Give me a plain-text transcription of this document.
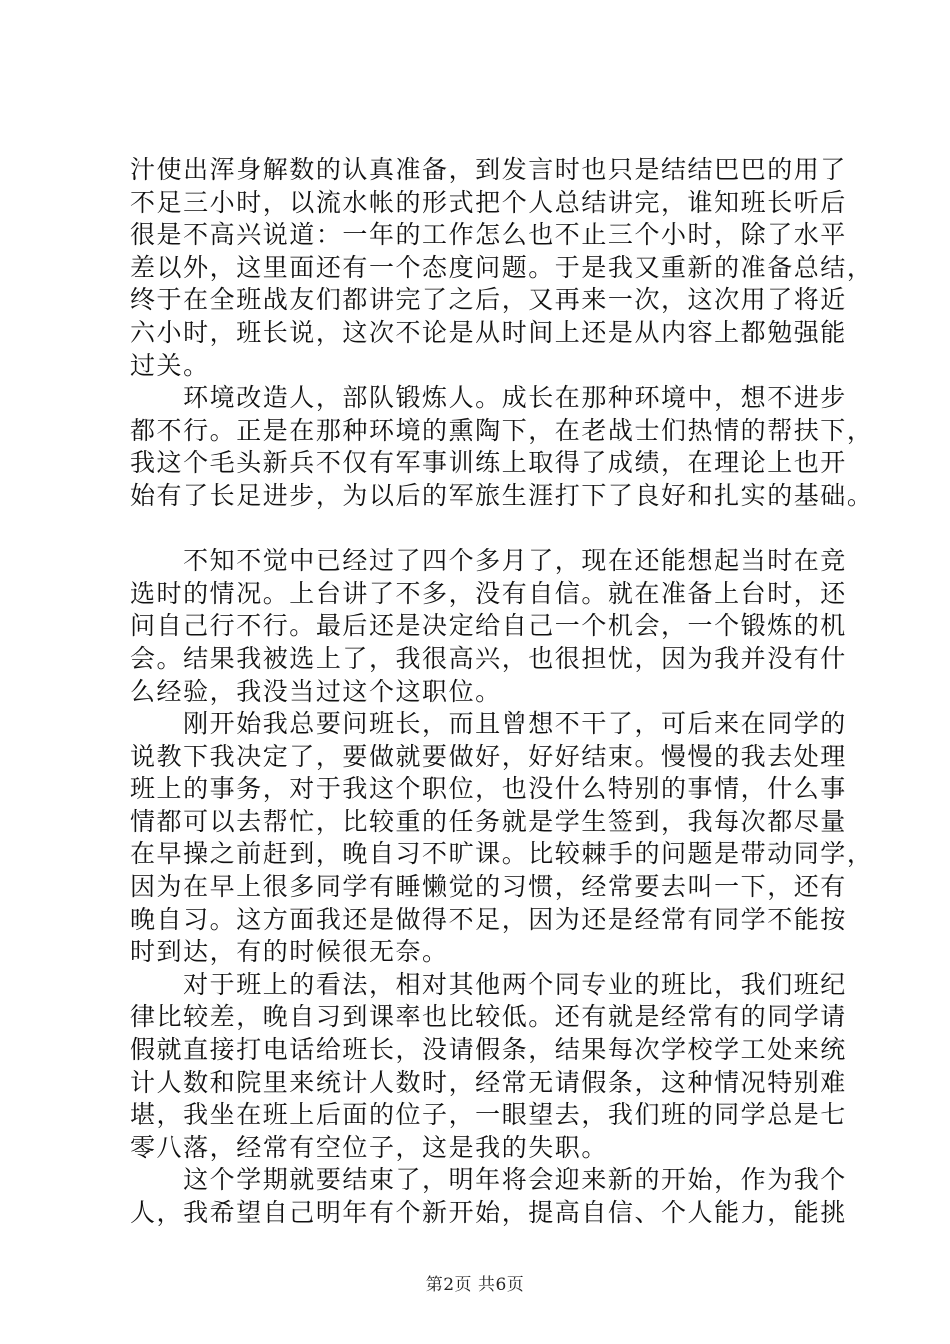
汁使出浑身解数的认真准备，到发言时也只是结结巴巴的用了
不足三小时，以流水帐的形式把个人总结讲完，谁知班长听后
很是不高兴说道：一年的工作怎么也不止三个小时，除了水平
差以外，这里面还有一个态度问题。于是我又重新的准备总结，
终于在全班战友们都讲完了之后，又再来一次，这次用了将近
六小时，班长说，这次不论是从时间上还是从内容上都勉强能
过关。
　　环境改造人，部队锻炼人。成长在那种环境中，想不进步
都不行。正是在那种环境的熏陶下，在老战士们热情的帮扶下，
我这个毛头新兵不仅有军事训练上取得了成绩，在理论上也开
始有了长足进步，为以后的军旅生涯打下了良好和扎实的基础。
　　不知不觉中已经过了四个多月了，现在还能想起当时在竞
选时的情况。上台讲了不多，没有自信。就在准备上台时，还
问自己行不行。最后还是决定给自己一个机会，一个锻炼的机
会。结果我被选上了，我很高兴，也很担忧，因为我并没有什
么经验，我没当过这个这职位。
　　刚开始我总要问班长，而且曾想不干了，可后来在同学的
说教下我决定了，要做就要做好，好好结束。慢慢的我去处理
班上的事务，对于我这个职位，也没什么特别的事情，什么事
情都可以去帮忙，比较重的任务就是学生签到，我每次都尽量
在早操之前赶到，晚自习不旷课。比较棘手的问题是带动同学，
因为在早上很多同学有睡懒觉的习惯，经常要去叫一下，还有
晚自习。这方面我还是做得不足，因为还是经常有同学不能按
时到达，有的时候很无奈。
　　对于班上的看法，相对其他两个同专业的班比，我们班纪
律比较差，晚自习到课率也比较低。还有就是经常有的同学请
假就直接打电话给班长，没请假条，结果每次学校学工处来统
计人数和院里来统计人数时，经常无请假条，这种情况特别难
堪，我坐在班上后面的位子，一眼望去，我们班的同学总是七
零八落，经常有空位子，这是我的失职。
　　这个学期就要结束了，明年将会迎来新的开始，作为我个
人，我希望自己明年有个新开始，提高自信、个人能力，能挑
第2页 共6页
